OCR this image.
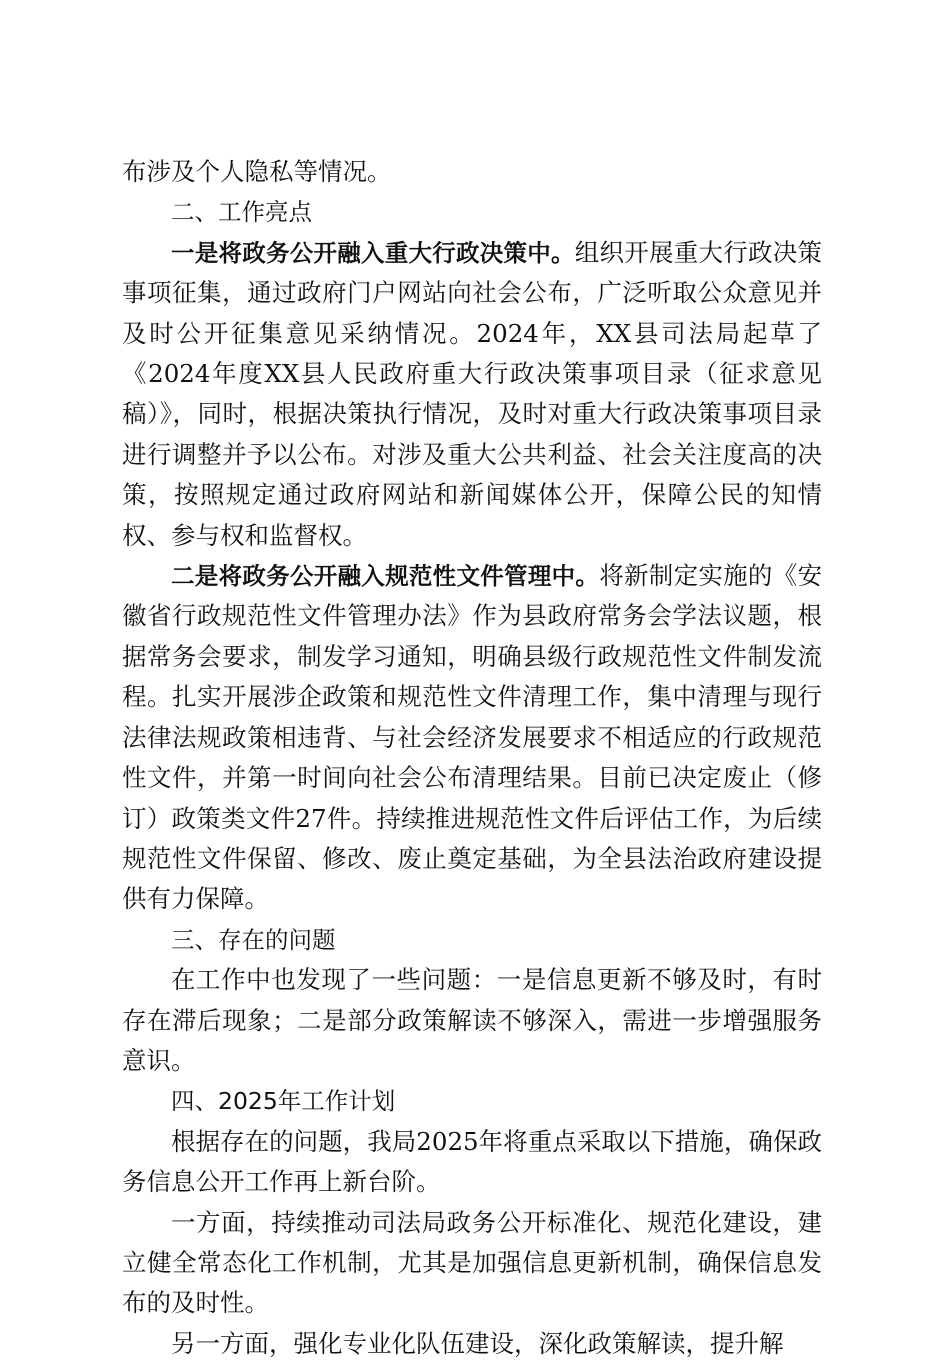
布涉及个人隐私等情况。

二、工作亮点

一是将政务公开融入重大行政决策中。组织开展重大行政决策事项征集，通过政府门户网站向社会公布，广泛听取公众意见并及时公开征集意见采纳情况。2024年，XX县司法局起草了《2024年度XX县人民政府重大行政决策事项目录（征求意见稿）》，同时，根据决策执行情况，及时对重大行政决策事项目录进行调整并予以公布。对涉及重大公共利益、社会关注度高的决策，按照规定通过政府网站和新闻媒体公开，保障公民的知情权、参与权和监督权。

二是将政务公开融入规范性文件管理中。将新制定实施的《安徽省行政规范性文件管理办法》作为县政府常务会学法议题，根据常务会要求，制发学习通知，明确县级行政规范性文件制发流程。扎实开展涉企政策和规范性文件清理工作，集中清理与现行法律法规政策相违背、与社会经济发展要求不相适应的行政规范性文件，并第一时间向社会公布清理结果。目前已决定废止（修订）政策类文件27件。持续推进规范性文件后评估工作，为后续规范性文件保留、修改、废止奠定基础，为全县法治政府建设提供有力保障。

三、存在的问题

在工作中也发现了一些问题：一是信息更新不够及时，有时存在滞后现象；二是部分政策解读不够深入，需进一步增强服务意识。

四、2025年工作计划

根据存在的问题，我局2025年将重点采取以下措施，确保政务信息公开工作再上新台阶。

一方面，持续推动司法局政务公开标准化、规范化建设，建立健全常态化工作机制，尤其是加强信息更新机制，确保信息发布的及时性。

另一方面，强化专业化队伍建设，深化政策解读，提升解
